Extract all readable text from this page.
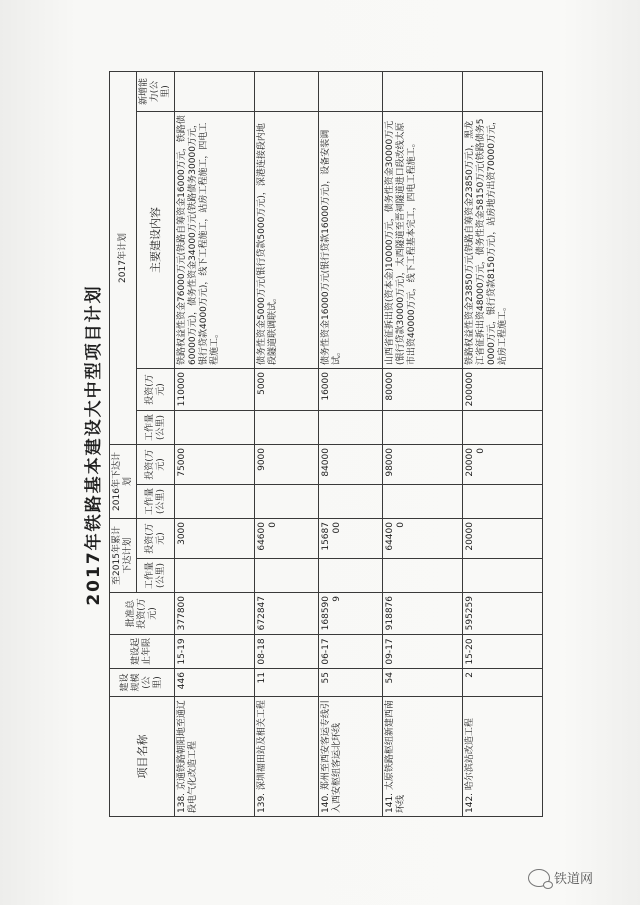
2017年铁路基本建设大中型项目计划
项目名称	建设规模(公里)	建设起止年限	批准总投资(万元)	至2015年累计下达计划		2016年下达计划		2017年计划			
				工作量(公里)	投资(万元)	工作量(公里)	投资(万元)	工作量(公里)	投资(万元)	主要建设内容	新增能力(公里)
138. 京通铁路朝阳地至通辽段电气化改造工程	446	15-19	377800		3000		75000		110000	铁路权益性资金76000万元(铁路自筹资金16000万元，铁路债60000万元)，债务性资金34000万元(铁路债务30000万元，银行贷款4000万元)，线下工程施工，站房工程施工，四电工程施工。	
139. 深圳福田站及相关工程	11	08-18	672847		646000		9000		5000	债务性资金5000万元(银行贷款5000万元)，深港连接段内地段隧道联调联试。	
140. 郑州至西安客运专线引入西安枢纽客运北环线	55	06-17	1685909		1568700		84000		16000	债务性资金16000万元(银行贷款16000万元)，设备安装调试。	
141. 太原铁路枢纽新建西南环线	54	09-17	918876		644000		98000		80000	山西省征拆出资(资本金)10000万元，债务性资金30000万元(银行贷款30000万元)，太西隧道至晋祠隧道进口段改线太原市出资40000万元，线下工程基本完工，四电工程施工。	
142. 哈尔滨站改造工程	2	15-20	595259		20000		200000		200000	铁路权益性资金23850万元(铁路自筹资金23850万元)，黑龙江省征拆出资48000万元，债务性资金58150万元(铁路债务50000万元，银行贷款8150万元)，站房地方出资70000万元，站房工程施工。	
铁道网
